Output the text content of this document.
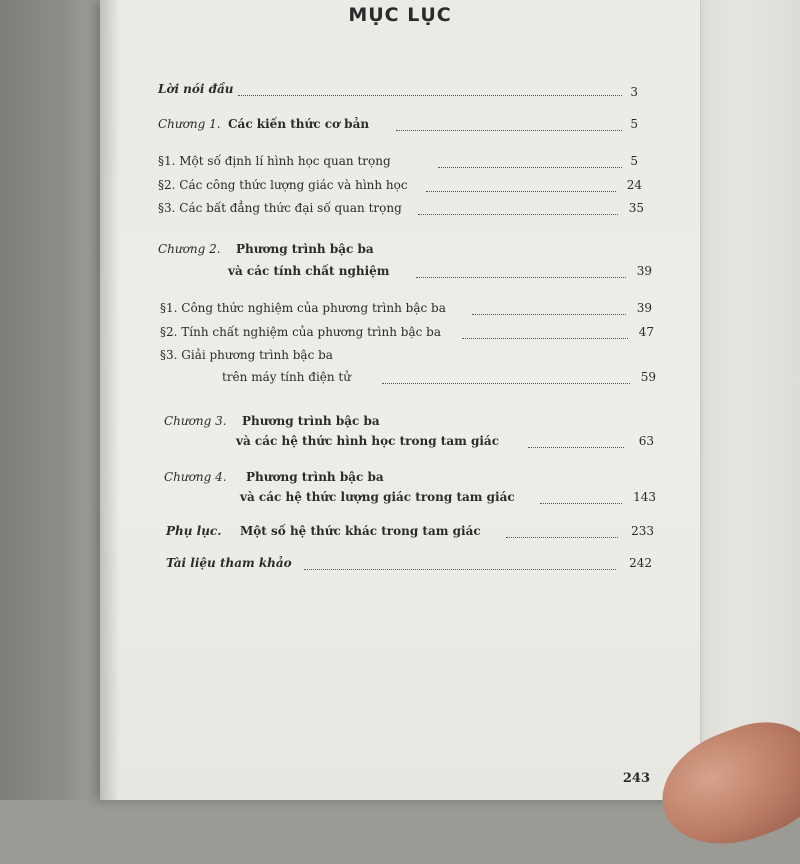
MỤC LỤC
Lời nói đầu	3
Chương 1. Các kiến thức cơ bản	5
§1. Một số định lí hình học quan trọng	5
§2. Các công thức lượng giác và hình học	24
§3. Các bất đẳng thức đại số quan trọng	35
Chương 2. Phương trình bậc ba
và các tính chất nghiệm	39
§1. Công thức nghiệm của phương trình bậc ba	39
§2. Tính chất nghiệm của phương trình bậc ba	47
§3. Giải phương trình bậc ba
trên máy tính điện tử	59
Chương 3. Phương trình bậc ba
và các hệ thức hình học trong tam giác	63
Chương 4. Phương trình bậc ba
và các hệ thức lượng giác trong tam giác	143
Phụ lục. Một số hệ thức khác trong tam giác	233
Tài liệu tham khảo	242
243
